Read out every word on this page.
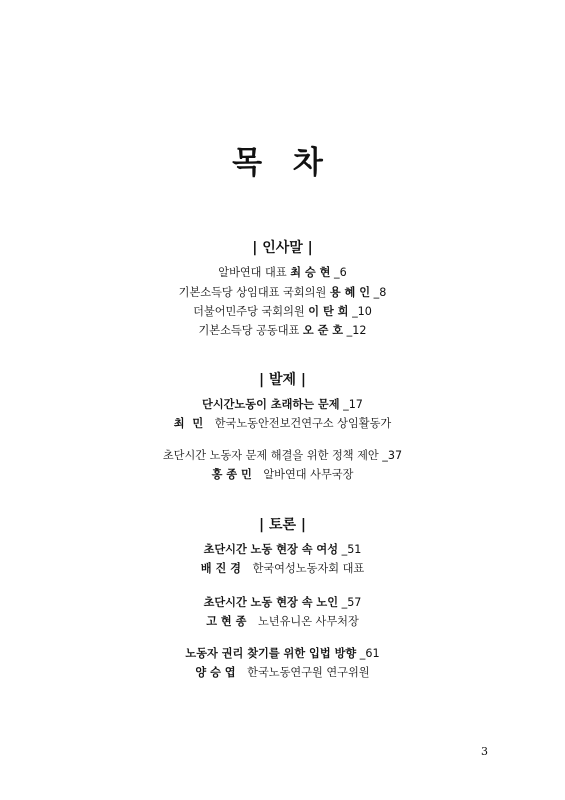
목 차
| 인사말 |
알바연대 대표 최 승 현 _6
기본소득당 상임대표 국회의원 용 혜 인 _8
더불어민주당 국회의원 이 탄 희 _10
기본소득당 공동대표 오 준 호 _12
| 발제 |
단시간노동이 초래하는 문제 _17
최  민 한국노동안전보건연구소 상임활동가
초단시간 노동자 문제 해결을 위한 정책 제안 _37
홍 종 민 알바연대 사무국장
| 토론 |
초단시간 노동 현장 속 여성 _51
배 진 경 한국여성노동자회 대표
초단시간 노동 현장 속 노인 _57
고 현 종 노년유니온 사무처장
노동자 권리 찾기를 위한 입법 방향 _61
양 승 엽 한국노동연구원 연구위원
3
